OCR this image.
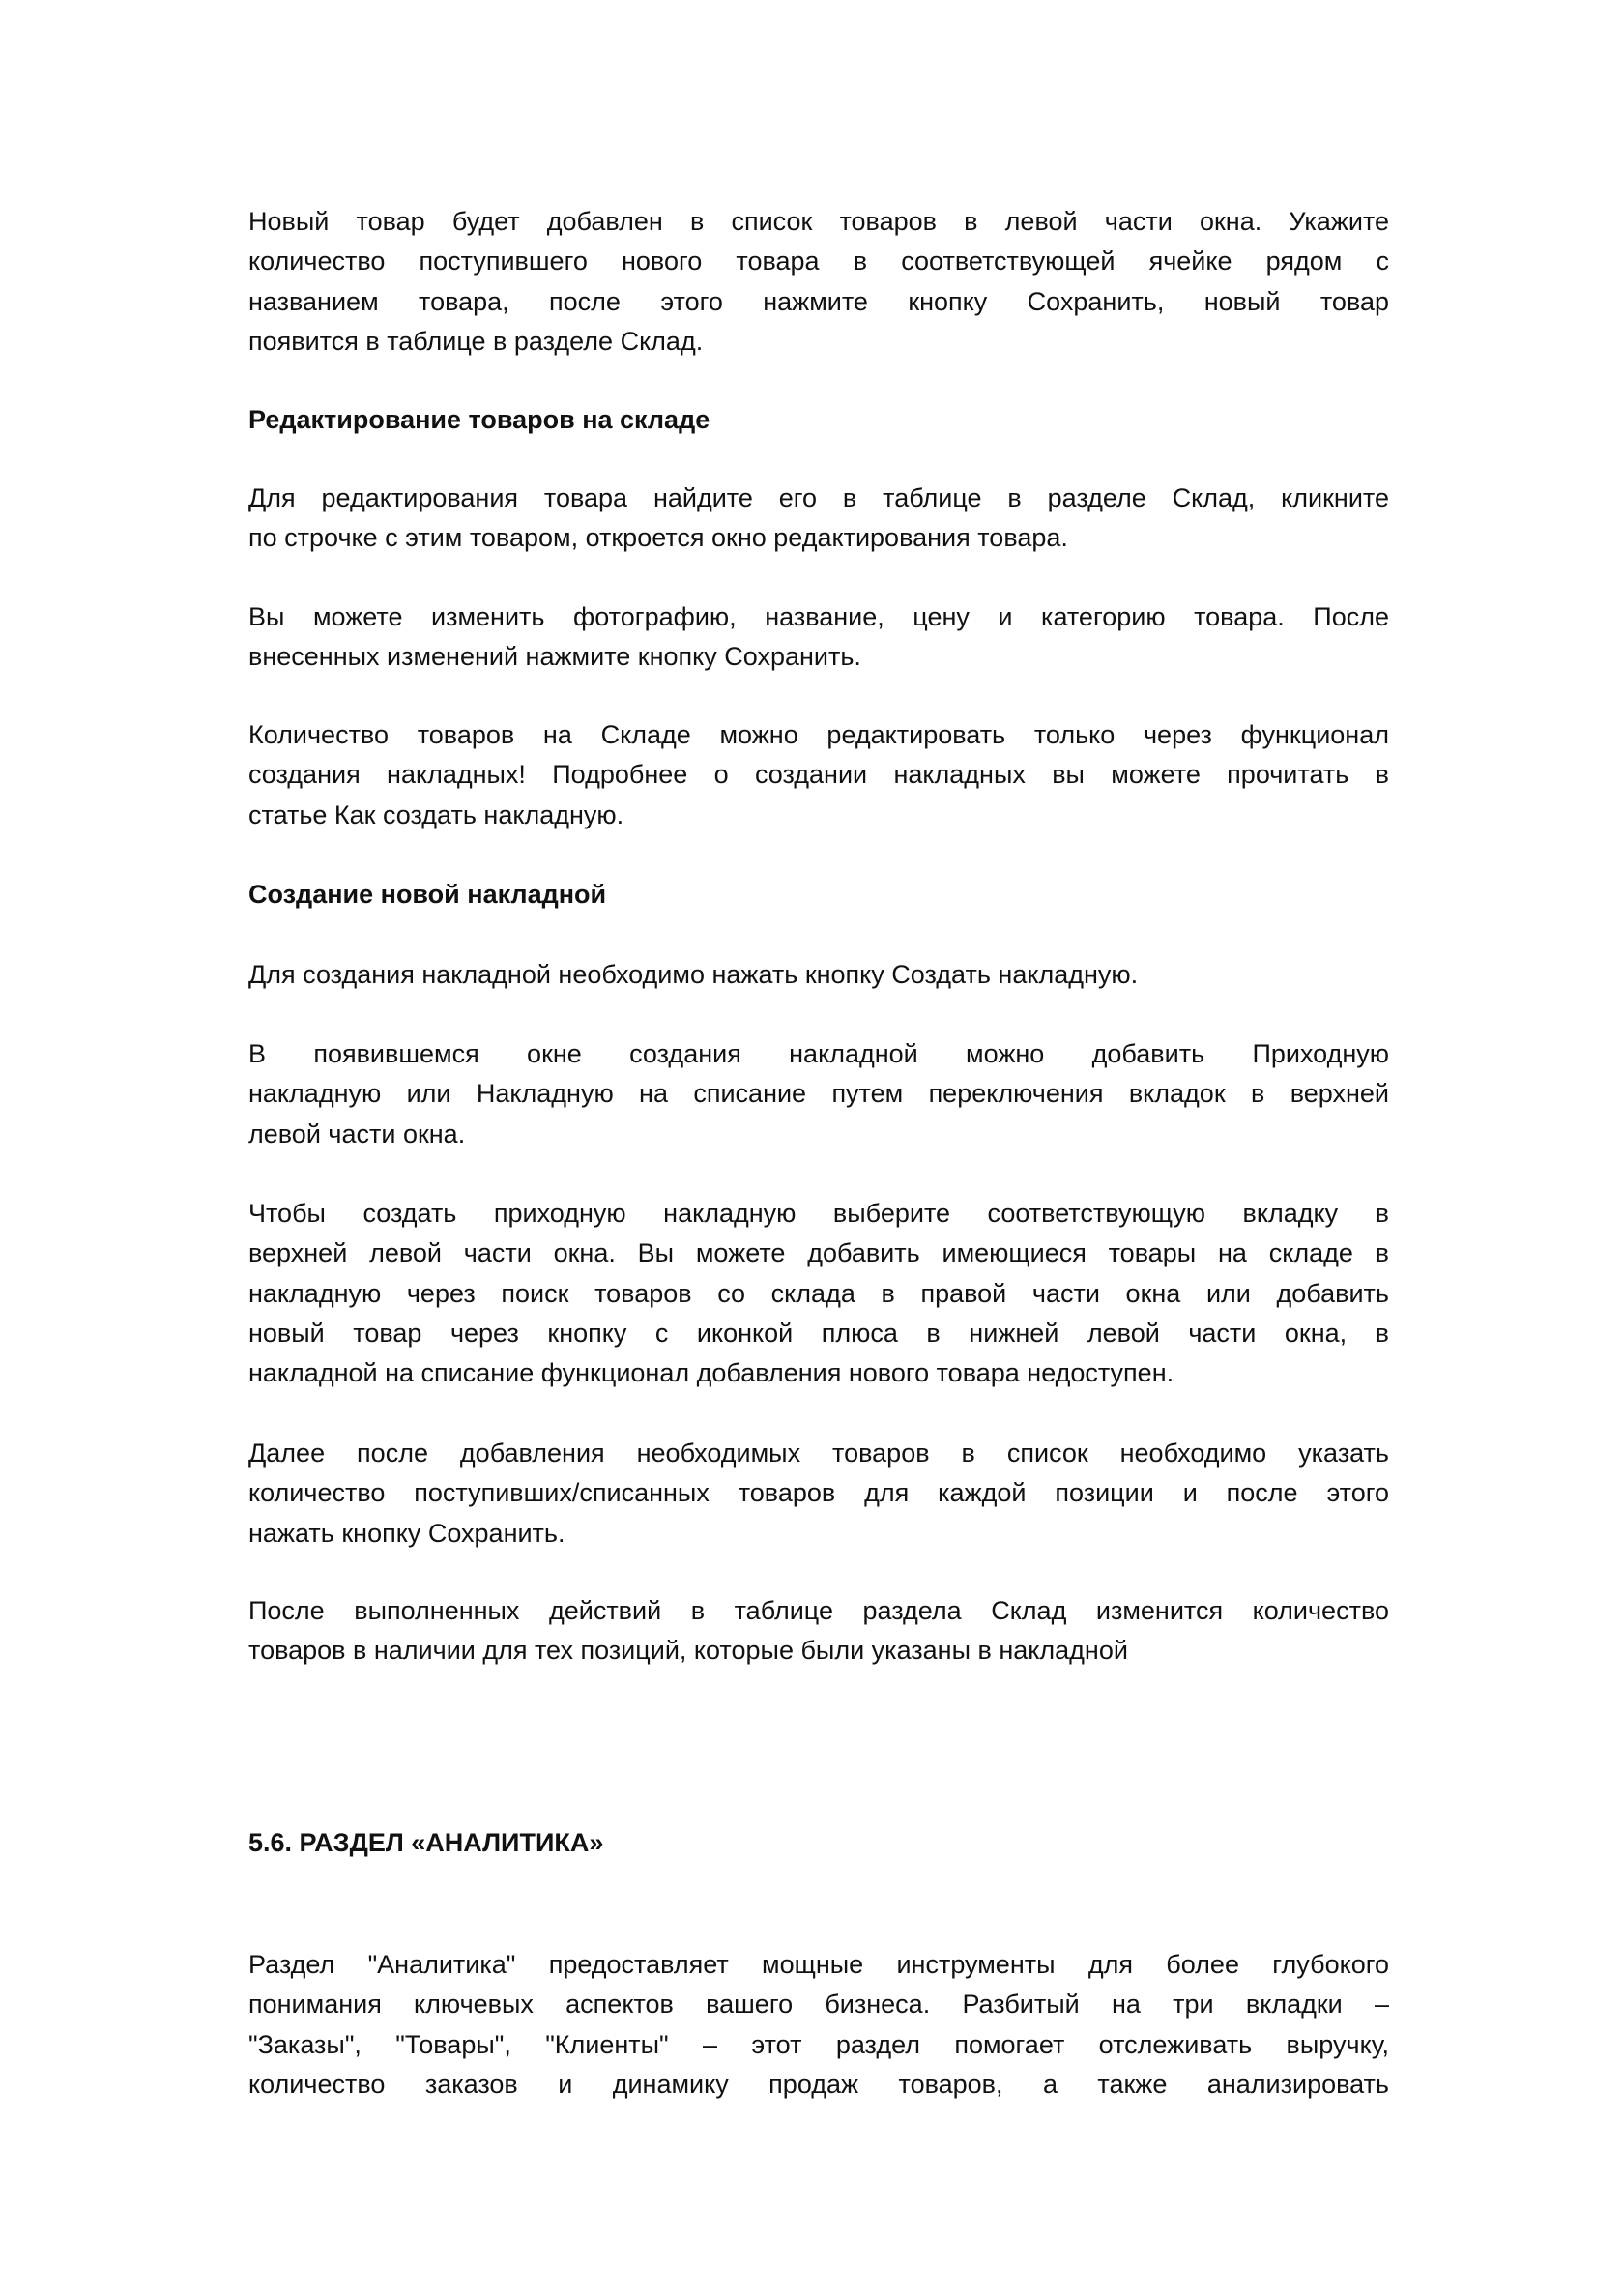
Новый товар будет добавлен в список товаров в левой части окна. Укажите
количество поступившего нового товара в соответствующей ячейке рядом с
названием товара, после этого нажмите кнопку Сохранить, новый товар
появится в таблице в разделе Склад.
Редактирование товаров на складе
Для редактирования товара найдите его в таблице в разделе Склад, кликните
по строчке с этим товаром, откроется окно редактирования товара.
Вы можете изменить фотографию, название, цену и категорию товара. После
внесенных изменений нажмите кнопку Сохранить.
Количество товаров на Складе можно редактировать только через функционал
создания накладных! Подробнее о создании накладных вы можете прочитать в
статье Как создать накладную.
Создание новой накладной
Для создания накладной необходимо нажать кнопку Создать накладную.
В появившемся окне создания накладной можно добавить Приходную
накладную или Накладную на списание путем переключения вкладок в верхней
левой части окна.
Чтобы создать приходную накладную выберите соответствующую вкладку в
верхней левой части окна. Вы можете добавить имеющиеся товары на складе в
накладную через поиск товаров со склада в правой части окна или добавить
новый товар через кнопку с иконкой плюса в нижней левой части окна, в
накладной на списание функционал добавления нового товара недоступен.
Далее после добавления необходимых товаров в список необходимо указать
количество поступивших/списанных товаров для каждой позиции и после этого
нажать кнопку Сохранить.
После выполненных действий в таблице раздела Склад изменится количество
товаров в наличии для тех позиций, которые были указаны в накладной
5.6. РАЗДЕЛ «АНАЛИТИКА»
Раздел "Аналитика" предоставляет мощные инструменты для более глубокого
понимания ключевых аспектов вашего бизнеса. Разбитый на три вкладки –
"Заказы", "Товары", "Клиенты" – этот раздел помогает отслеживать выручку,
количество заказов и динамику продаж товаров, а также анализировать
